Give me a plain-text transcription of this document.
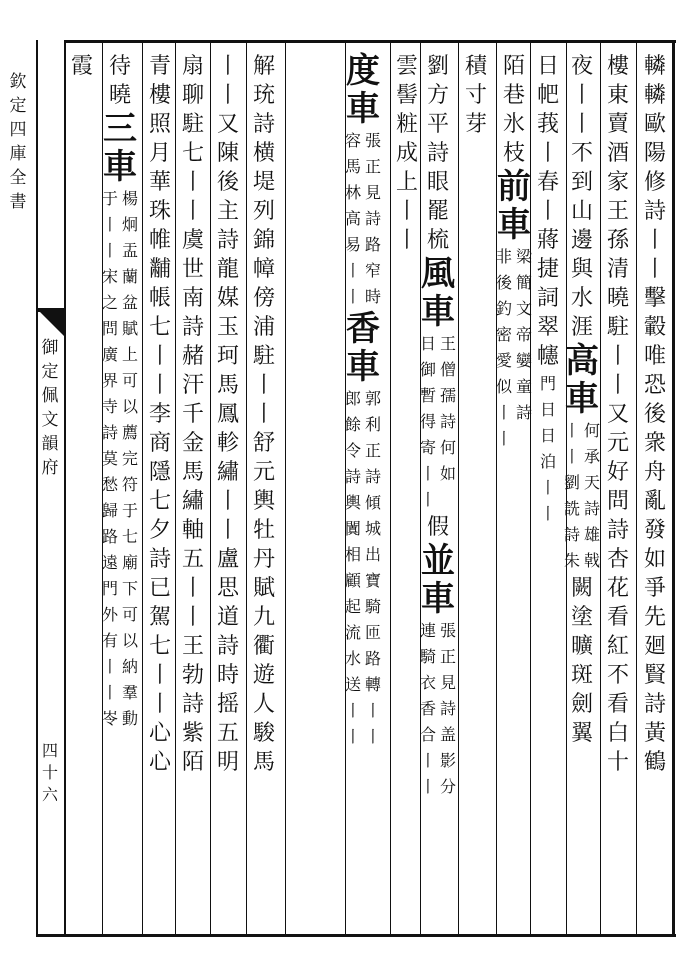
欽
定
四
庫
全
書
御
定
佩
文
韻
府
四
十
六
轔
轔
歐
陽
修
詩
丨
丨
擊
轂
唯
恐
後
衆
舟
亂
發
如
爭
先
廻
賢
詩
黃
鶴
樓
東
賣
酒
家
王
孫
清
曉
駐
丨
丨
又
元
好
問
詩
杏
花
看
紅
不
看
白
十
夜
丨
丨
不
到
山
邊
與
水
涯
高
車
何
承
天
詩
雄
戟
丨
丨
劉
詵
詩
朱
闕
塗
曠
斑
劍
翼
日
帊
莪
丨
春
丨
蔣
捷
詞
翠
幰
門
日
日
泊
丨
丨
陌
巷
氷
枝
前
車
梁
簡
文
帝
孌
童
詩
非
後
釣
密
愛
似
丨
丨
積
寸
芽
劉
方
平
詩
眼
罷
梳
風
車
王
僧
孺
詩
何
如
日
御
暫
得
寄
丨
丨
假
並
車
張
正
見
詩
盖
影
分
連
騎
衣
香
合
丨
丨
雲
髻
粧
成
上
丨
丨
度
車
張
正
見
詩
路
窄
時
容
馬
林
高
易
丨
丨
香
車
郭
利
正
詩
傾
城
出
寶
騎
匝
路
轉
丨
丨
郎
餘
令
詩
輿
闐
相
顧
起
流
水
送
丨
丨
解
珫
詩
横
堤
列
錦
幛
傍
浦
駐
丨
丨
舒
元
輿
牡
丹
賦
九
衢
遊
人
駿
馬
丨
丨
又
陳
後
主
詩
龍
媒
玉
珂
馬
鳳
軫
繡
丨
丨
盧
思
道
詩
時
摇
五
明
扇
聊
駐
七
丨
丨
虞
世
南
詩
赭
汗
千
金
馬
繡
軸
五
丨
丨
王
勃
詩
紫
陌
青
樓
照
月
華
珠
帷
黼
帳
七
丨
丨
李
商
隱
七
夕
詩
已
駕
七
丨
丨
心
心
待
曉
三
車
楊
炯
盂
蘭
盆
賦
上
可
以
薦
完
符
于
七
廟
下
可
以
納
羣
動
于
丨
丨
宋
之
問
廣
界
寺
詩
莫
愁
歸
路
遠
門
外
有
丨
丨
岺
霞
